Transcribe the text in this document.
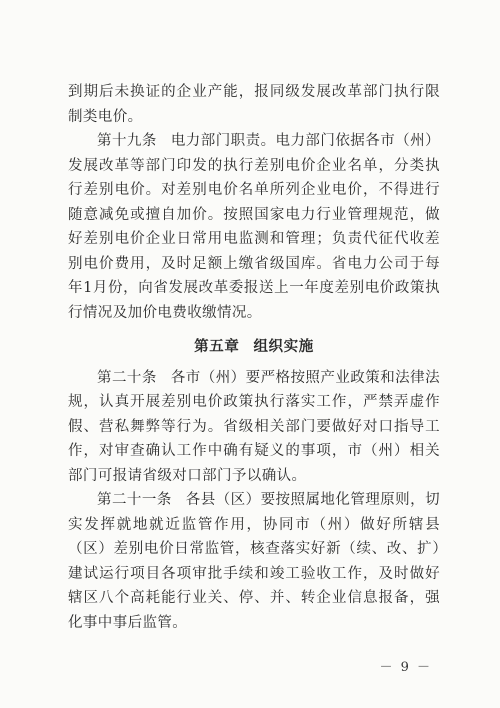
到期后未换证的企业产能，报同级发展改革部门执行限制类电价。

第十九条 电力部门职责。电力部门依据各市（州）发展改革等部门印发的执行差别电价企业名单，分类执行差别电价。对差别电价名单所列企业电价，不得进行随意减免或擅自加价。按照国家电力行业管理规范，做好差别电价企业日常用电监测和管理；负责代征代收差别电价费用，及时足额上缴省级国库。省电力公司于每年1月份，向省发展改革委报送上一年度差别电价政策执行情况及加价电费收缴情况。

第五章 组织实施

第二十条 各市（州）要严格按照产业政策和法律法规，认真开展差别电价政策执行落实工作，严禁弄虚作假、营私舞弊等行为。省级相关部门要做好对口指导工作，对审查确认工作中确有疑义的事项，市（州）相关部门可报请省级对口部门予以确认。

第二十一条 各县（区）要按照属地化管理原则，切实发挥就地就近监管作用，协同市（州）做好所辖县（区）差别电价日常监管，核查落实好新（续、改、扩）建试运行项目各项审批手续和竣工验收工作，及时做好辖区八个高耗能行业关、停、并、转企业信息报备，强化事中事后监管。

－ 9 －
